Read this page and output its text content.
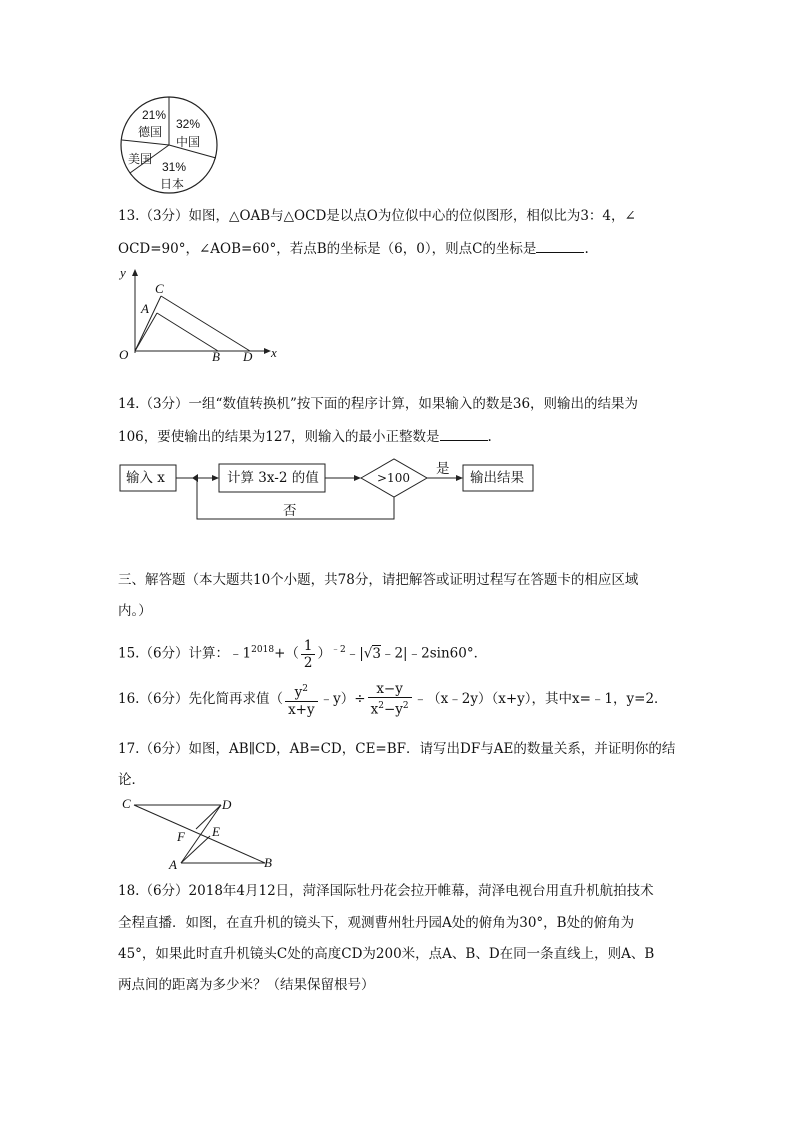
21%
德国
32%
中国
美国
31%
日本
13.（3分）如图，△OAB与△OCD是以点O为位似中心的位似图形，相似比为3：4，∠
OCD=90°，∠AOB=60°，若点B的坐标是（6，0），则点C的坐标是	.
y
x
O
A
C
B D
14.（3分）一组“数值转换机”按下面的程序计算，如果输入的数是36，则输出的结果为
106，要使输出的结果为127，则输入的最小正整数是	.
输入 x	计算 3x-2 的值	>100
是
输出结果
否
三、解答题（本大题共10个小题，共78分，请把解答或证明过程写在答题卡的相应区域
内。）
15.（6分）计算：$﹣1^{2018}+( \frac{1}{2}$ ）$^{﹣2}$﹣|√3﹣2|﹣2sin60°．
16.（6分）先化简再求值（ $\frac{y^2}{x+y}$ ﹣y）÷ $\frac{x-y}{x^2-y^2}$ ﹣（x﹣2y）（x+y），其中x=﹣1，y=2．
17.（6分）如图，AB∥CD，AB=CD，CE=BF．请写出DF与AE的数量关系，并证明你的结
论．
C	D
F E
A	B
18.（6分）2018年4月12日，菏泽国际牡丹花会拉开帷幕，菏泽电视台用直升机航拍技术
全程直播．如图，在直升机的镜头下，观测曹州牡丹园A处的俯角为30°，B处的俯角为
45°，如果此时直升机镜头C处的高度CD为200米，点A、B、D在同一条直线上，则A、B
两点间的距离为多少米？（结果保留根号）
